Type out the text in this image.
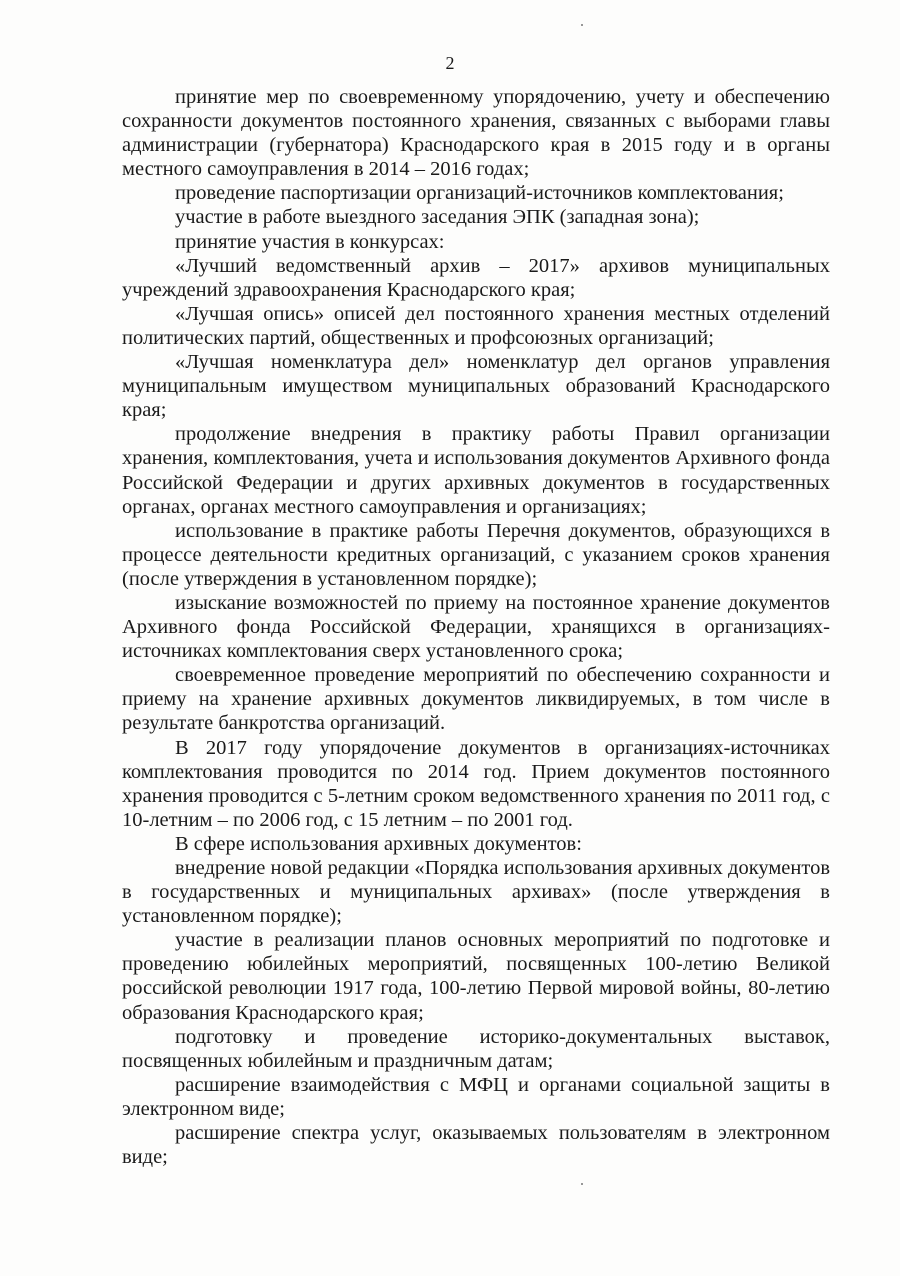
2

принятие мер по своевременному упорядочению, учету и обеспечению сохранности документов постоянного хранения, связанных с выборами главы администрации (губернатора) Краснодарского края в 2015 году и в органы местного самоуправления в 2014 – 2016 годах;

проведение паспортизации организаций-источников комплектования;

участие в работе выездного заседания ЭПК (западная зона);

принятие участия в конкурсах:

«Лучший ведомственный архив – 2017» архивов муниципальных учреждений здравоохранения Краснодарского края;

«Лучшая опись» описей дел постоянного хранения местных отделений политических партий, общественных и профсоюзных организаций;

«Лучшая номенклатура дел» номенклатур дел органов управления муниципальным имуществом муниципальных образований Краснодарского края;

продолжение внедрения в практику работы Правил организации хранения, комплектования, учета и использования документов Архивного фонда Российской Федерации и других архивных документов в государственных органах, органах местного самоуправления и организациях;

использование в практике работы Перечня документов, образующихся в процессе деятельности кредитных организаций, с указанием сроков хранения (после утверждения в установленном порядке);

изыскание возможностей по приему на постоянное хранение документов Архивного фонда Российской Федерации, хранящихся в организациях-источниках комплектования сверх установленного срока;

своевременное проведение мероприятий по обеспечению сохранности и приему на хранение архивных документов ликвидируемых, в том числе в результате банкротства организаций.

В 2017 году упорядочение документов в организациях-источниках комплектования проводится по 2014 год. Прием документов постоянного хранения проводится с 5-летним сроком ведомственного хранения по 2011 год, с 10-летним – по 2006 год, с 15 летним – по 2001 год.

В сфере использования архивных документов:

внедрение новой редакции «Порядка использования архивных документов в государственных и муниципальных архивах» (после утверждения в установленном порядке);

участие в реализации планов основных мероприятий по подготовке и проведению юбилейных мероприятий, посвященных 100-летию Великой российской революции 1917 года, 100-летию Первой мировой войны, 80-летию образования Краснодарского края;

подготовку и проведение историко-документальных выставок, посвященных юбилейным и праздничным датам;

расширение взаимодействия с МФЦ и органами социальной защиты в электронном виде;

расширение спектра услуг, оказываемых пользователям в электронном виде;
